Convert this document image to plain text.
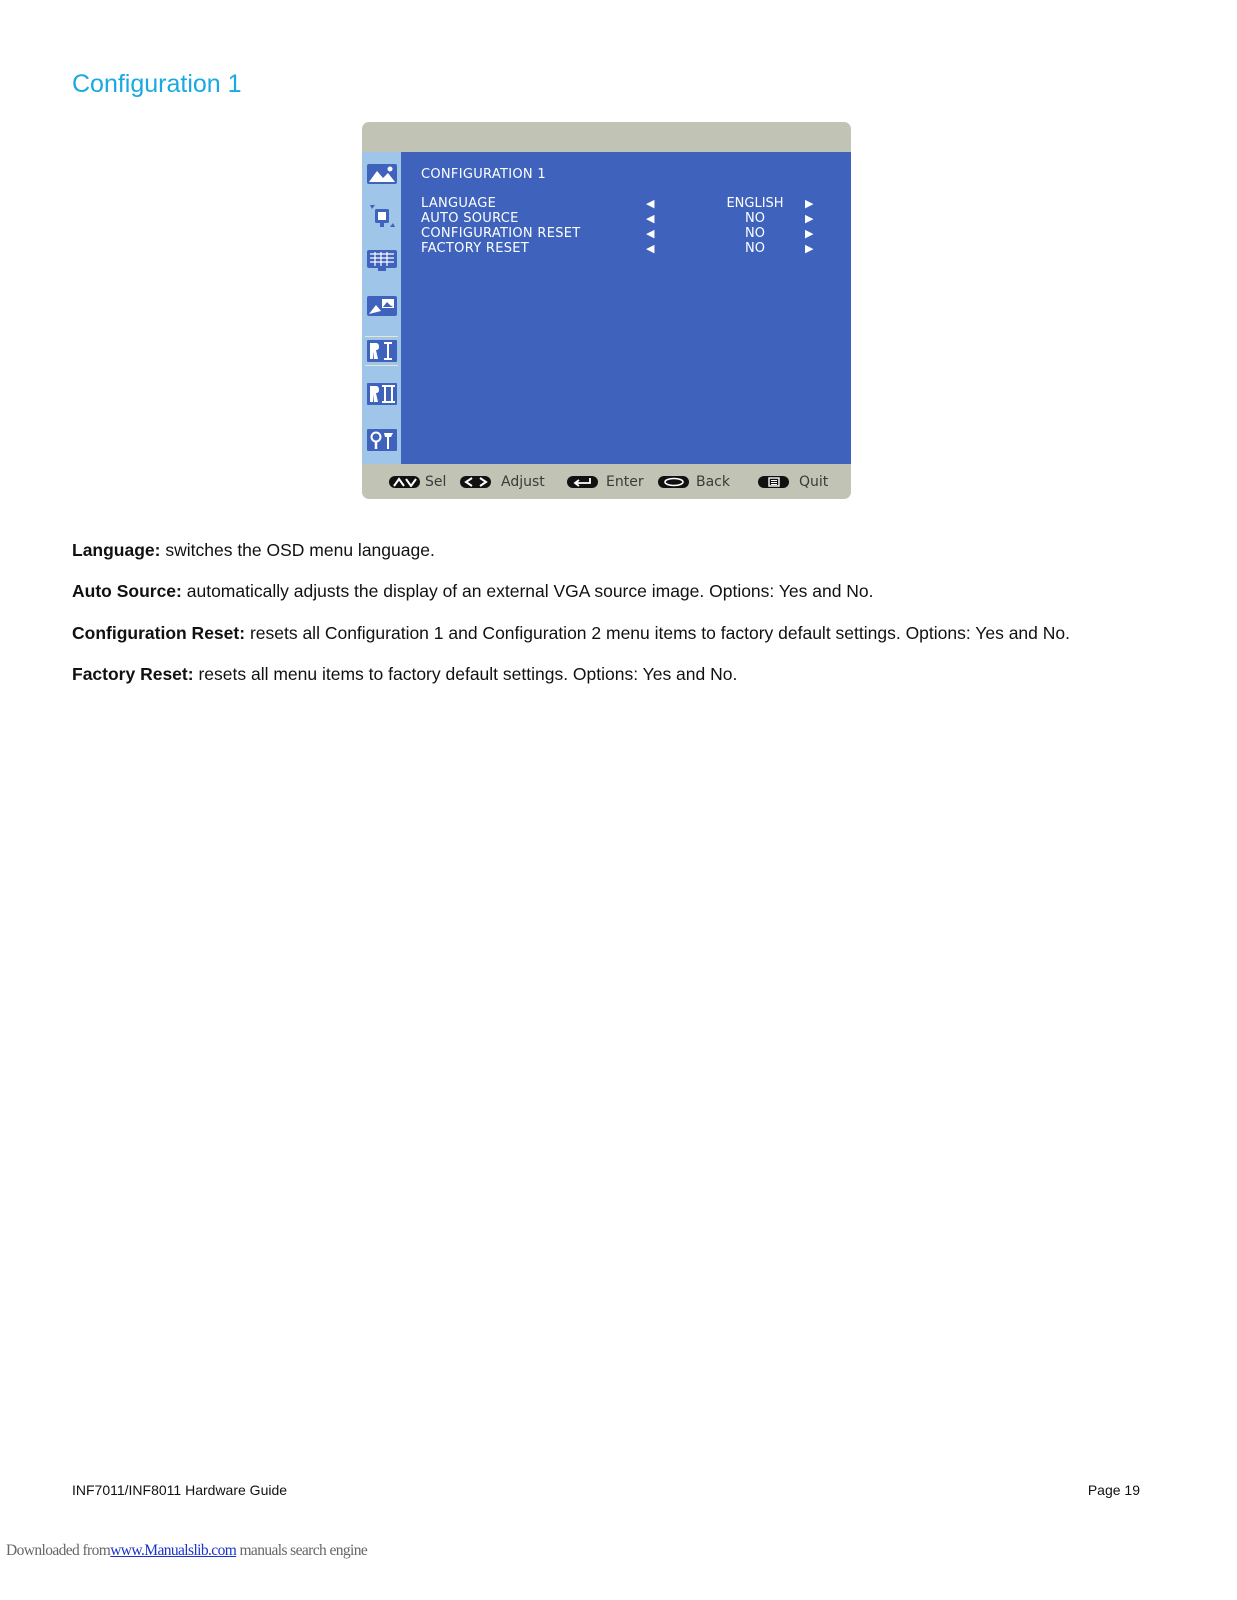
Configuration 1
CONFIGURATION 1
LANGUAGE	◀	ENGLISH	▶
AUTO SOURCE	◀	NO	▶
CONFIGURATION RESET	◀	NO	▶
FACTORY RESET	◀	NO	▶
Sel	Adjust	Enter	Back	Quit
Language: switches the OSD menu language.
Auto Source: automatically adjusts the display of an external VGA source image. Options: Yes and No.
Configuration Reset: resets all Configuration 1 and Configuration 2 menu items to factory default settings. Options: Yes and No.
Factory Reset: resets all menu items to factory default settings. Options: Yes and No.
INF7011/INF8011 Hardware Guide	Page 19
Downloaded fromwww.Manualslib.com manuals search engine
